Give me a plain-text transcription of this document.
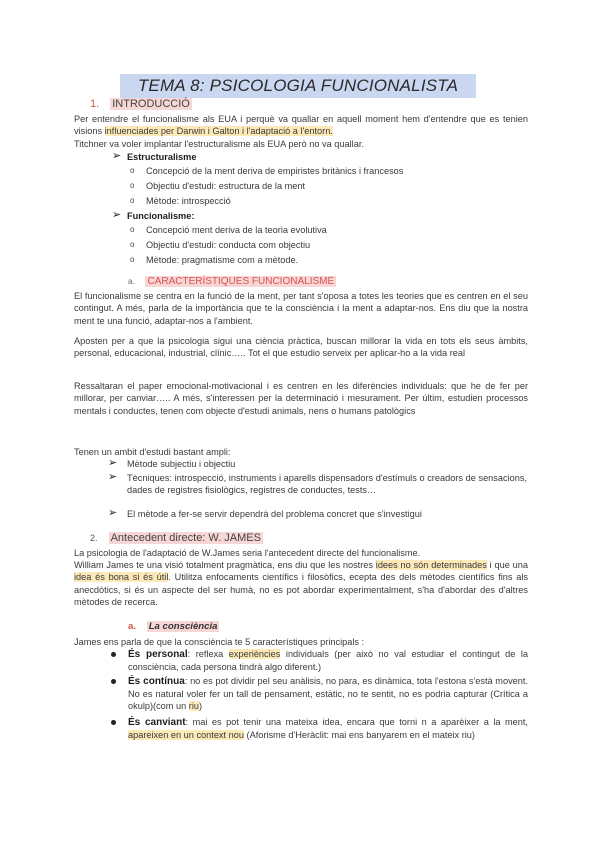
TEMA 8: PSICOLOGIA FUNCIONALISTA
1. INTRODUCCIÓ
Per entendre el funcionalisme als EUA i perquè va quallar en aquell moment hem d'entendre que es tenien visions influenciades per Darwin i Galton i l'adaptació a l'entorn.
Titchner va voler implantar l'estructuralisme als EUA però no va quallar.
➢ Estructuralisme
o Concepció de la ment deriva de empiristes britànics i francesos
o Objectiu d'estudi: estructura de la ment
o Mètode: introspecció
➢ Funcionalisme:
o Concepció ment deriva de la teoria evolutiva
o Objectiu d'estudi: conducta com objectiu
o Mètode: pragmatisme com a mètode.
a. CARACTERÍSTIQUES FUNCIONALISME
El funcionalisme se centra en la funció de la ment, per tant s'oposa a totes les teories que es centren en el seu contingut. A més, parla de la importància que te la consciència i la ment a adaptar-nos. Ens diu que la nostra ment te una funció, adaptar-nos a l'ambient.
Aposten per a que la psicologia sigui una ciència pràctica, buscan millorar la vida en tots els seus àmbits, personal, educacional, industrial, clínic….. Tot el que estudio serveix per aplicar-ho a la vida real
Ressaltaran el paper emocional-motivacional i es centren en les diferències individuals: que he de fer per millorar, per canviar….. A més, s'interessen per la determinació i mesurament. Per últim, estudien processos mentals i conductes, tenen com objecte d'estudi animals, nens o humans patològics
Tenen un ambit d'estudi bastant ampli:
➢ Mètode subjectiu i objectiu
➢ Tècniques: introspecció, instruments i aparells dispensadors d'estímuls o creadors de sensacions, dades de registres fisiològics, registres de conductes, tests…
➢ El mètode a fer-se servir dependrà del problema concret que s'investigui
2. Antecedent directe: W. JAMES
La psicologia de l'adaptació de W.James seria l'antecedent directe del funcionalisme.
William James te una visió totalment pragmàtica, ens diu que les nostres idees no són determinades i que una idea és bona si és útil. Utilitza enfocaments científics i filosòfics, ecepta des dels mètodes científics fins als anecdòtics, si és un aspecte del ser humà, no es pot abordar experimentalment, s'ha d'abordar des d'altres mètodes de recerca.
a. La consciència
James ens parla de que la consciència te 5 característiques principals :
És personal: reflexa experiències individuals (per això no val estudiar el contingut de la consciència, cada persona tindrà algo diferent.)
És contínua: no es pot dividir pel seu anàlisis, no para, es dinàmica, tota l'estona s'està movent. No es natural voler fer un tall de pensament, estàtic, no te sentit, no es podria capturar (Crítica a okulp)(com un riu)
És canviant: mai es pot tenir una mateixa idea, encara que torni n a aparèixer a la ment, apareixen en un context nou (Aforisme d'Heràclit: mai ens banyarem en el mateix riu)
